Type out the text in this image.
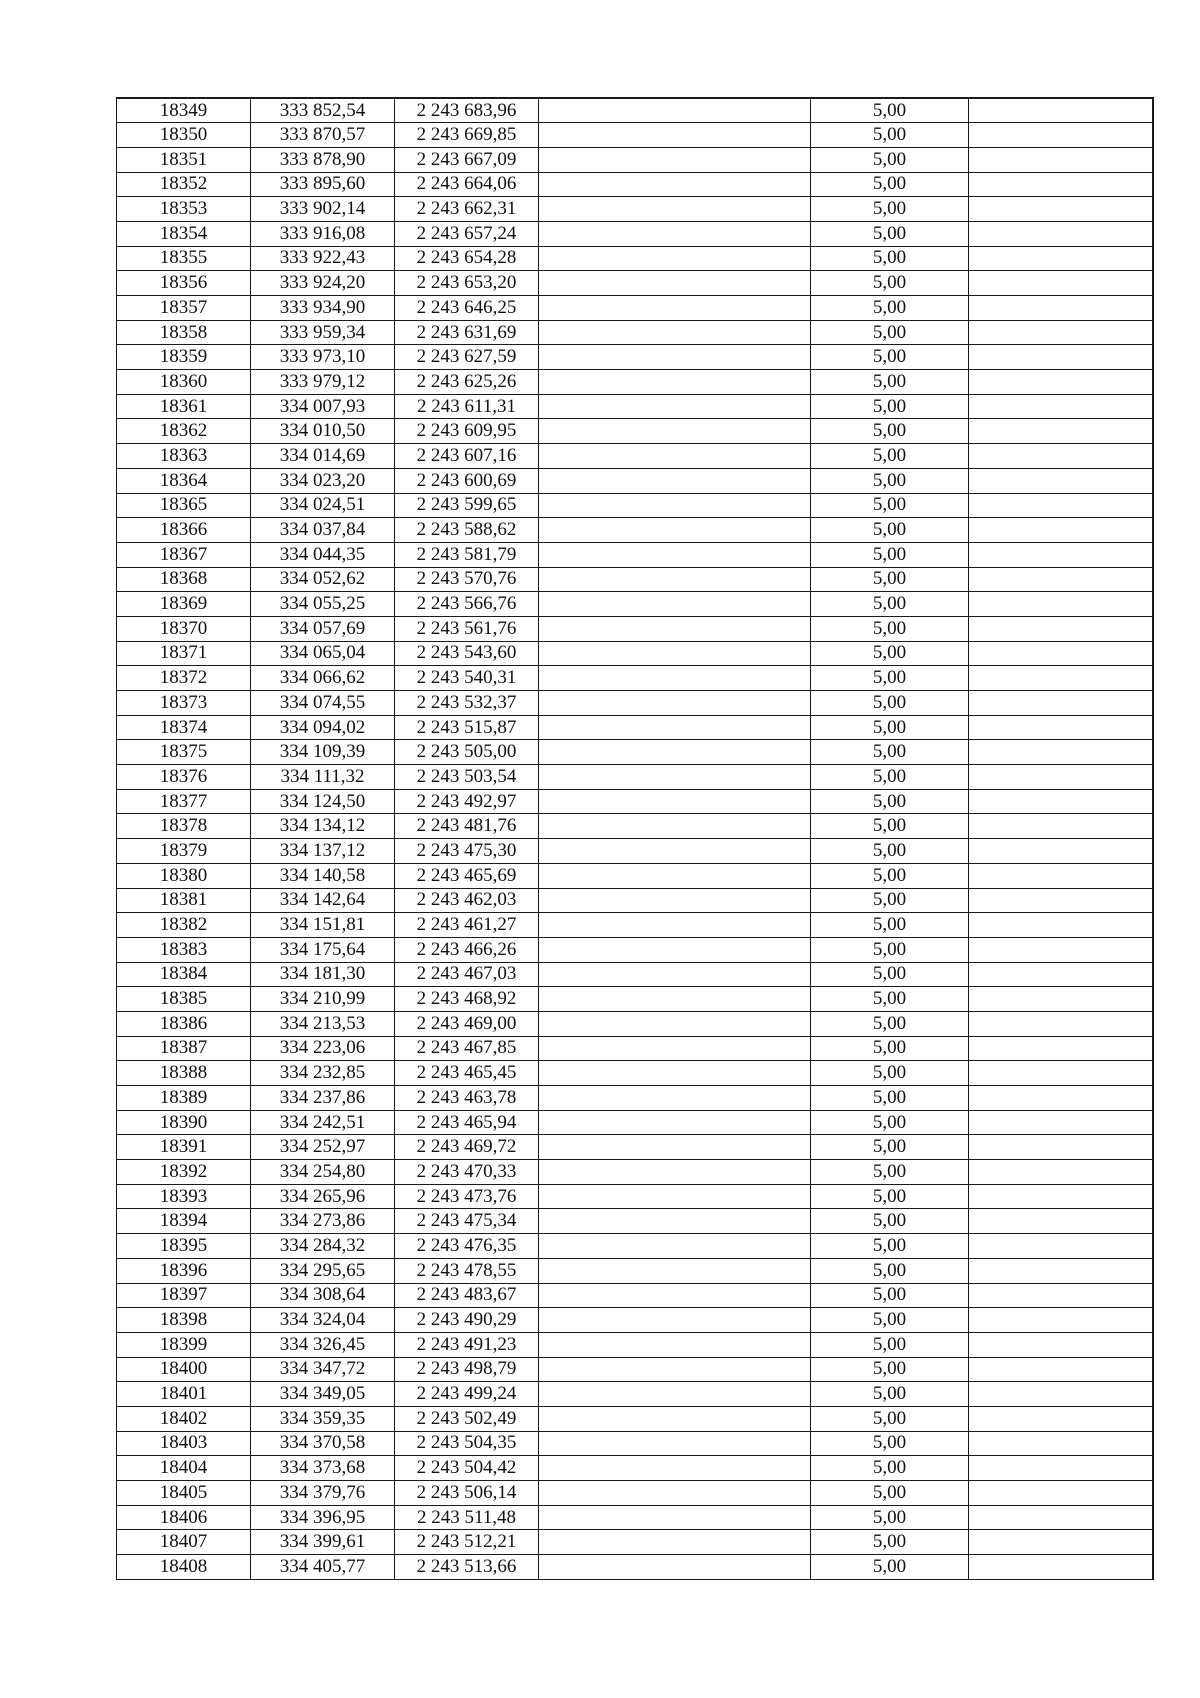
18349	333 852,54	2 243 683,96		5,00	
18350	333 870,57	2 243 669,85		5,00	
18351	333 878,90	2 243 667,09		5,00	
18352	333 895,60	2 243 664,06		5,00	
18353	333 902,14	2 243 662,31		5,00	
18354	333 916,08	2 243 657,24		5,00	
18355	333 922,43	2 243 654,28		5,00	
18356	333 924,20	2 243 653,20		5,00	
18357	333 934,90	2 243 646,25		5,00	
18358	333 959,34	2 243 631,69		5,00	
18359	333 973,10	2 243 627,59		5,00	
18360	333 979,12	2 243 625,26		5,00	
18361	334 007,93	2 243 611,31		5,00	
18362	334 010,50	2 243 609,95		5,00	
18363	334 014,69	2 243 607,16		5,00	
18364	334 023,20	2 243 600,69		5,00	
18365	334 024,51	2 243 599,65		5,00	
18366	334 037,84	2 243 588,62		5,00	
18367	334 044,35	2 243 581,79		5,00	
18368	334 052,62	2 243 570,76		5,00	
18369	334 055,25	2 243 566,76		5,00	
18370	334 057,69	2 243 561,76		5,00	
18371	334 065,04	2 243 543,60		5,00	
18372	334 066,62	2 243 540,31		5,00	
18373	334 074,55	2 243 532,37		5,00	
18374	334 094,02	2 243 515,87		5,00	
18375	334 109,39	2 243 505,00		5,00	
18376	334 111,32	2 243 503,54		5,00	
18377	334 124,50	2 243 492,97		5,00	
18378	334 134,12	2 243 481,76		5,00	
18379	334 137,12	2 243 475,30		5,00	
18380	334 140,58	2 243 465,69		5,00	
18381	334 142,64	2 243 462,03		5,00	
18382	334 151,81	2 243 461,27		5,00	
18383	334 175,64	2 243 466,26		5,00	
18384	334 181,30	2 243 467,03		5,00	
18385	334 210,99	2 243 468,92		5,00	
18386	334 213,53	2 243 469,00		5,00	
18387	334 223,06	2 243 467,85		5,00	
18388	334 232,85	2 243 465,45		5,00	
18389	334 237,86	2 243 463,78		5,00	
18390	334 242,51	2 243 465,94		5,00	
18391	334 252,97	2 243 469,72		5,00	
18392	334 254,80	2 243 470,33		5,00	
18393	334 265,96	2 243 473,76		5,00	
18394	334 273,86	2 243 475,34		5,00	
18395	334 284,32	2 243 476,35		5,00	
18396	334 295,65	2 243 478,55		5,00	
18397	334 308,64	2 243 483,67		5,00	
18398	334 324,04	2 243 490,29		5,00	
18399	334 326,45	2 243 491,23		5,00	
18400	334 347,72	2 243 498,79		5,00	
18401	334 349,05	2 243 499,24		5,00	
18402	334 359,35	2 243 502,49		5,00	
18403	334 370,58	2 243 504,35		5,00	
18404	334 373,68	2 243 504,42		5,00	
18405	334 379,76	2 243 506,14		5,00	
18406	334 396,95	2 243 511,48		5,00	
18407	334 399,61	2 243 512,21		5,00	
18408	334 405,77	2 243 513,66		5,00	
